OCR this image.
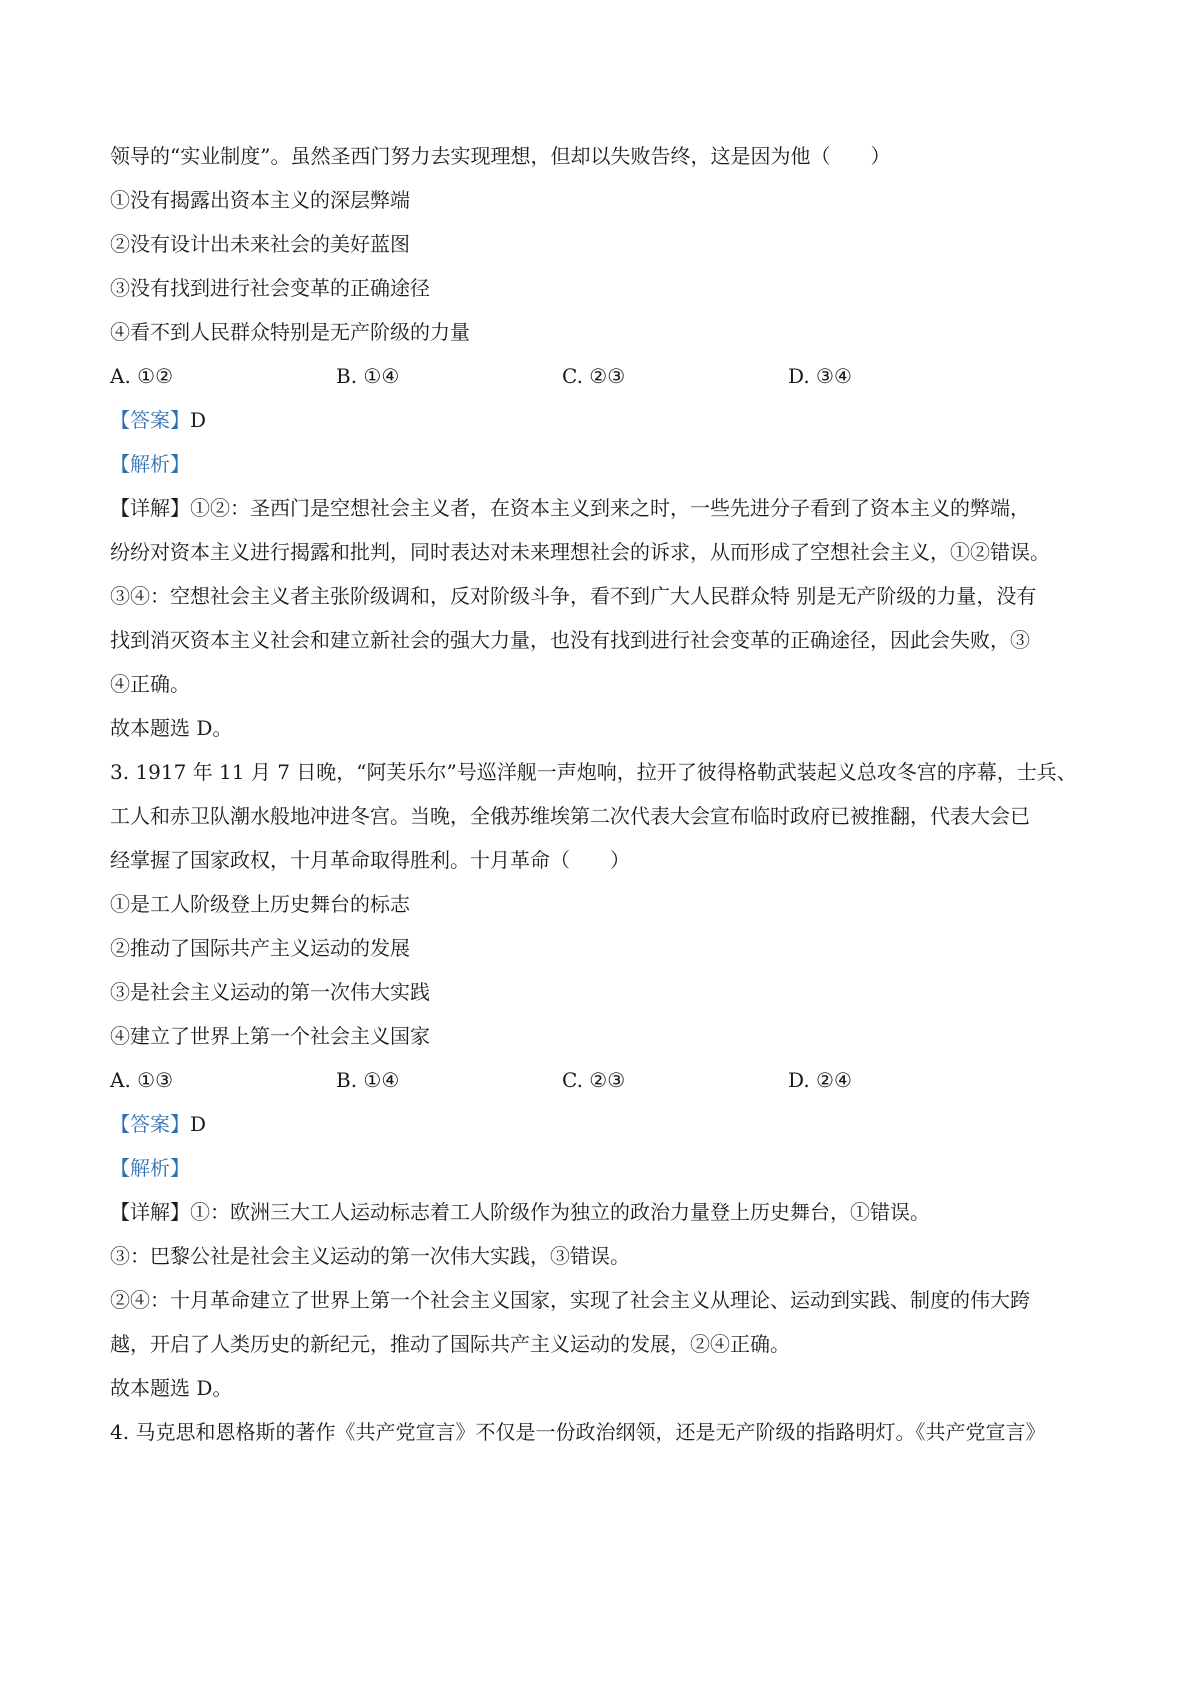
领导的“实业制度”。虽然圣西门努力去实现理想，但却以失败告终，这是因为他（　　）
①没有揭露出资本主义的深层弊端
②没有设计出未来社会的美好蓝图
③没有找到进行社会变革的正确途径
④看不到人民群众特别是无产阶级的力量
A. ①②	B. ①④	C. ②③	D. ③④
【答案】D
【解析】
【详解】①②：圣西门是空想社会主义者，在资本主义到来之时，一些先进分子看到了资本主义的弊端，
纷纷对资本主义进行揭露和批判，同时表达对未来理想社会的诉求，从而形成了空想社会主义，①②错误。
③④：空想社会主义者主张阶级调和，反对阶级斗争，看不到广大人民群众特 别是无产阶级的力量，没有
找到消灭资本主义社会和建立新社会的强大力量，也没有找到进行社会变革的正确途径，因此会失败，③
④正确。
故本题选 D。
3. 1917 年 11 月 7 日晚，“阿芙乐尔”号巡洋舰一声炮响，拉开了彼得格勒武装起义总攻冬宫的序幕，士兵、
工人和赤卫队潮水般地冲进冬宫。当晚，全俄苏维埃第二次代表大会宣布临时政府已被推翻，代表大会已
经掌握了国家政权，十月革命取得胜利。十月革命（　　）
①是工人阶级登上历史舞台的标志
②推动了国际共产主义运动的发展
③是社会主义运动的第一次伟大实践
④建立了世界上第一个社会主义国家
A. ①③	B. ①④	C. ②③	D. ②④
【答案】D
【解析】
【详解】①：欧洲三大工人运动标志着工人阶级作为独立的政治力量登上历史舞台，①错误。
③：巴黎公社是社会主义运动的第一次伟大实践，③错误。
②④：十月革命建立了世界上第一个社会主义国家，实现了社会主义从理论、运动到实践、制度的伟大跨
越，开启了人类历史的新纪元，推动了国际共产主义运动的发展，②④正确。
故本题选 D。
4. 马克思和恩格斯的著作《共产党宣言》不仅是一份政治纲领，还是无产阶级的指路明灯。《共产党宣言》
